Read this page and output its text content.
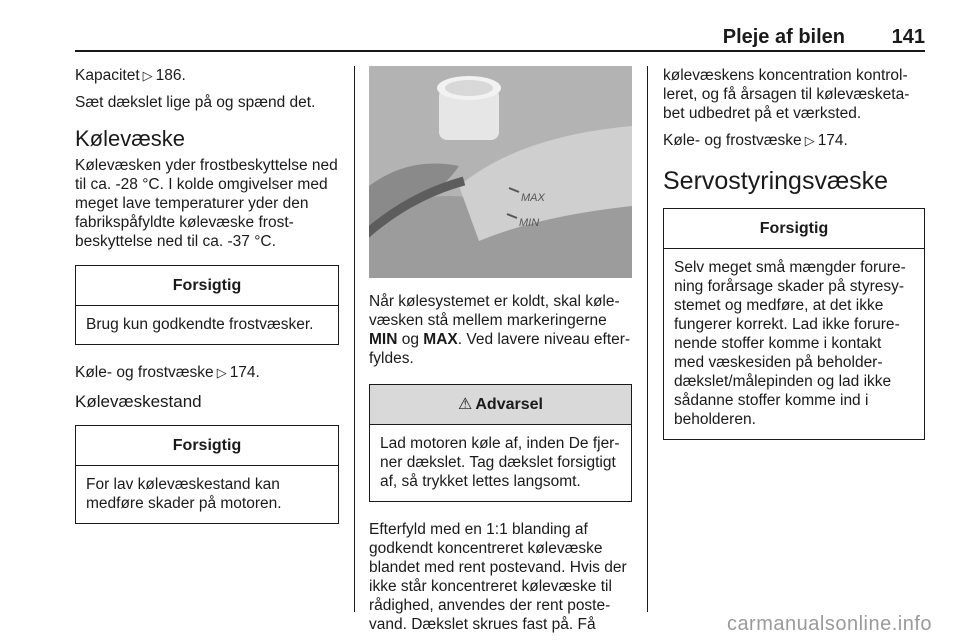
Pleje af bilen 141

Kapacitet ▷ 186.

Sæt dækslet lige på og spænd det.

Kølevæske

Kølevæsken yder frostbeskyttelse ned til ca. -28 °C. I kolde omgivelser med meget lave temperaturer yder den fabrikspåfyldte kølevæske frostbeskyttelse ned til ca. -37 °C.

Forsigtig
Brug kun godkendte frostvæsker.

Køle- og frostvæske ▷ 174.

Kølevæskestand
Forsigtig
For lav kølevæskestand kan medføre skader på motoren.
MAX
MIN

Når kølesystemet er koldt, skal kølevæsken stå mellem markeringerne MIN og MAX. Ved lavere niveau efterfyldes.

⚠ Advarsel
Lad motoren køle af, inden De fjerner dækslet. Tag dækslet forsigtigt af, så trykket lettes langsomt.

Efterfyld med en 1:1 blanding af godkendt koncentreret kølevæske blandet med rent postevand. Hvis der ikke står koncentreret kølevæske til rådighed, anvendes der rent postevand. Dækslet skrues fast på. Få

kølevæskens koncentration kontrolleret, og få årsagen til kølevæsketabet udbedret på et værksted.

Køle- og frostvæske ▷ 174.

Servostyringsvæske
Forsigtig
Selv meget små mængder forurening forårsage skader på styresystemet og medføre, at det ikke fungerer korrekt. Lad ikke forurenende stoffer komme i kontakt med væskesiden på beholderdækslet/målepinden og lad ikke sådanne stoffer komme ind i beholderen.
carmanualsonline.info
